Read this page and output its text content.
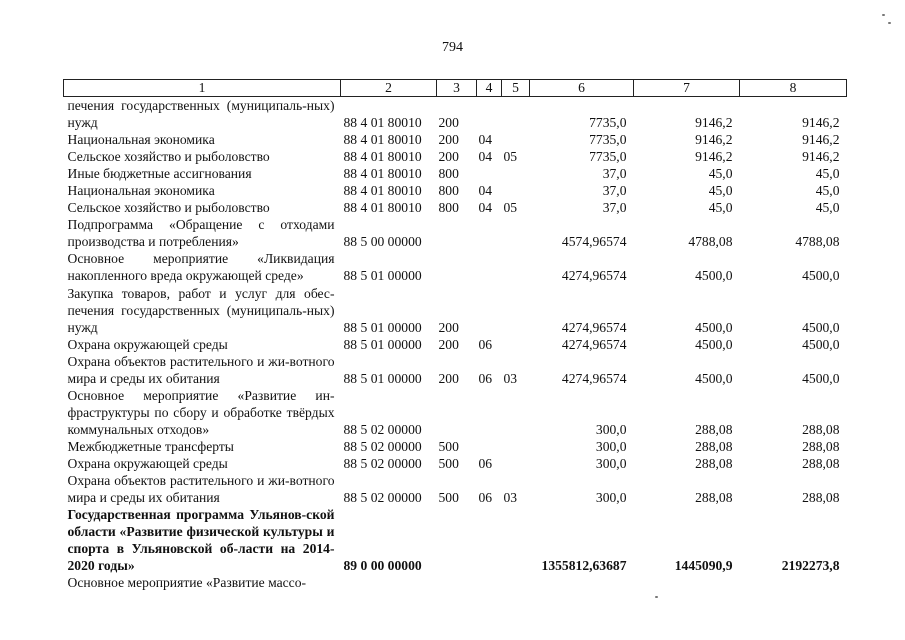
794
1	2	3	4	5	6	7	8
печения государственных (муниципаль-ных) нужд	88 4 01 80010	200			7735,0	9146,2	9146,2
Национальная экономика	88 4 01 80010	200	04		7735,0	9146,2	9146,2
Сельское хозяйство и рыболовство	88 4 01 80010	200	04	05	7735,0	9146,2	9146,2
Иные бюджетные ассигнования	88 4 01 80010	800			37,0	45,0	45,0
Национальная экономика	88 4 01 80010	800	04		37,0	45,0	45,0
Сельское хозяйство и рыболовство	88 4 01 80010	800	04	05	37,0	45,0	45,0
Подпрограмма «Обращение с отходами производства и потребления»	88 5 00 00000				4574,96574	4788,08	4788,08
Основное мероприятие «Ликвидация накопленного вреда окружающей среде»	88 5 01 00000				4274,96574	4500,0	4500,0
Закупка товаров, работ и услуг для обес-печения государственных (муниципаль-ных) нужд	88 5 01 00000	200			4274,96574	4500,0	4500,0
Охрана окружающей среды	88 5 01 00000	200	06		4274,96574	4500,0	4500,0
Охрана объектов растительного и жи-вотного мира и среды их обитания	88 5 01 00000	200	06	03	4274,96574	4500,0	4500,0
Основное мероприятие «Развитие ин-фраструктуры по сбору и обработке твёрдых коммунальных отходов»	88 5 02 00000				300,0	288,08	288,08
Межбюджетные трансферты	88 5 02 00000	500			300,0	288,08	288,08
Охрана окружающей среды	88 5 02 00000	500	06		300,0	288,08	288,08
Охрана объектов растительного и жи-вотного мира и среды их обитания	88 5 02 00000	500	06	03	300,0	288,08	288,08
Государственная программа Ульянов-ской области «Развитие физической культуры и спорта в Ульяновской об-ласти на 2014-2020 годы»	89 0 00 00000				1355812,63687	1445090,9	2192273,8
Основное мероприятие «Развитие массо-							
